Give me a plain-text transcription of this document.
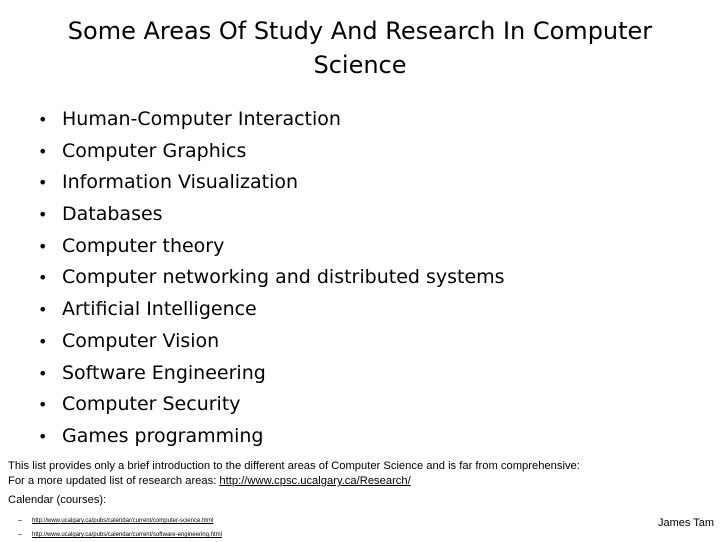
Some Areas Of Study And Research In Computer Science
• Human-Computer Interaction
• Computer Graphics
• Information Visualization
• Databases
• Computer theory
• Computer networking and distributed systems
• Artificial Intelligence
• Computer Vision
• Software Engineering
• Computer Security
• Games programming

This list provides only a brief introduction to the different areas of Computer Science and is far from comprehensive:
For a more updated list of research areas: http://www.cpsc.ucalgary.ca/Research/

Calendar (courses):

– http://www.ucalgary.ca/pubs/calendar/current/computer-science.html
– http://www.ucalgary.ca/pubs/calendar/current/software-engineering.html
James Tam
